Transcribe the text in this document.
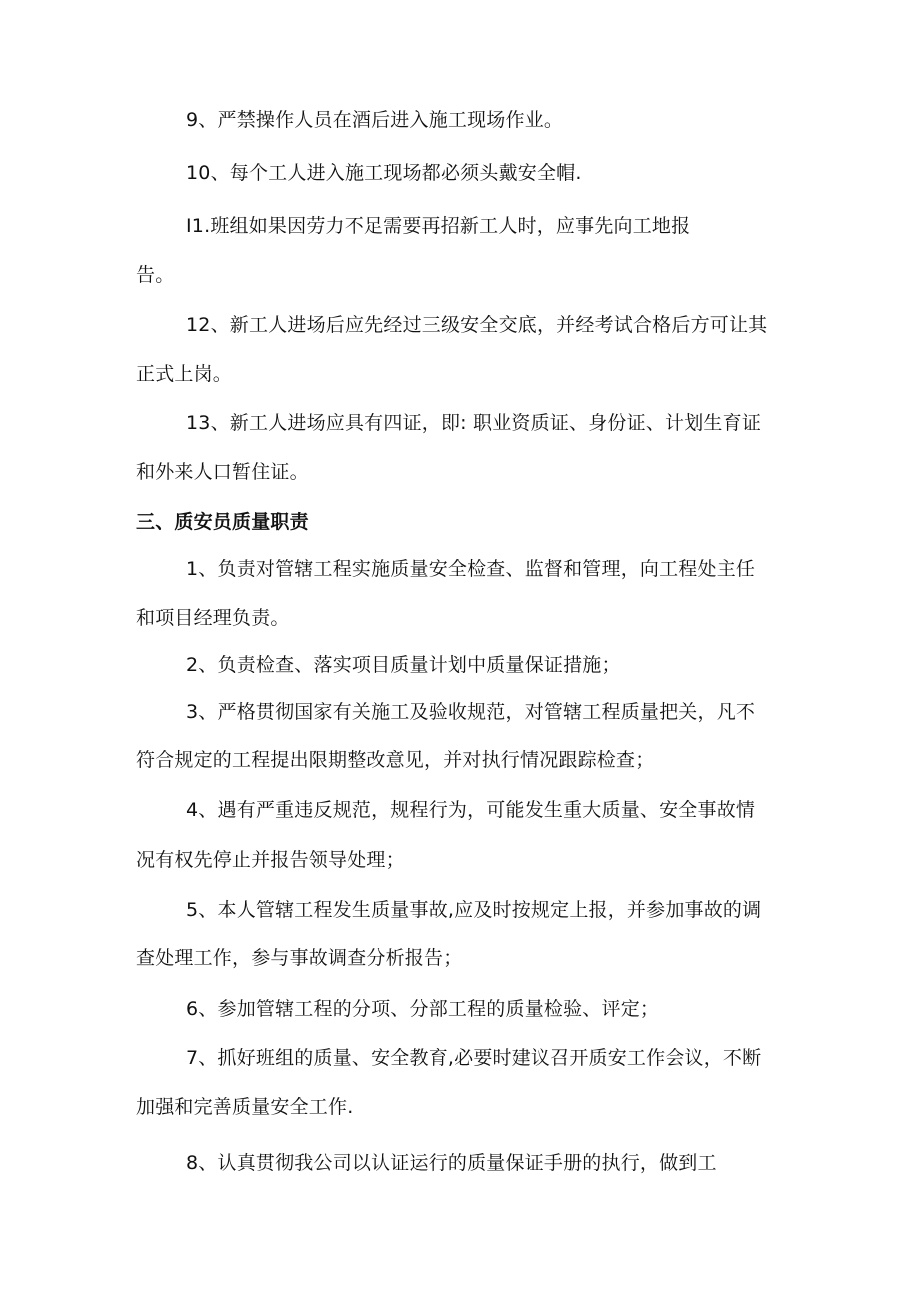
9、严禁操作人员在酒后进入施工现场作业。
10、每个工人进入施工现场都必须头戴安全帽.
I1.班组如果因劳力不足需要再招新工人时，应事先向工地报
告。
12、新工人进场后应先经过三级安全交底，并经考试合格后方可让其
正式上岗。
13、新工人进场应具有四证，即: 职业资质证、身份证、计划生育证
和外来人口暂住证。
三、质安员质量职责
1、负责对管辖工程实施质量安全检查、监督和管理，向工程处主任
和项目经理负责。
2、负责检查、落实项目质量计划中质量保证措施；
3、严格贯彻国家有关施工及验收规范，对管辖工程质量把关，凡不
符合规定的工程提出限期整改意见，并对执行情况跟踪检查；
4、遇有严重违反规范，规程行为，可能发生重大质量、安全事故情
况有权先停止并报告领导处理；
5、本人管辖工程发生质量事故,应及时按规定上报，并参加事故的调
查处理工作，参与事故调查分析报告；
6、参加管辖工程的分项、分部工程的质量检验、评定；
7、抓好班组的质量、安全教育,必要时建议召开质安工作会议，不断
加强和完善质量安全工作.
8、认真贯彻我公司以认证运行的质量保证手册的执行，做到工
